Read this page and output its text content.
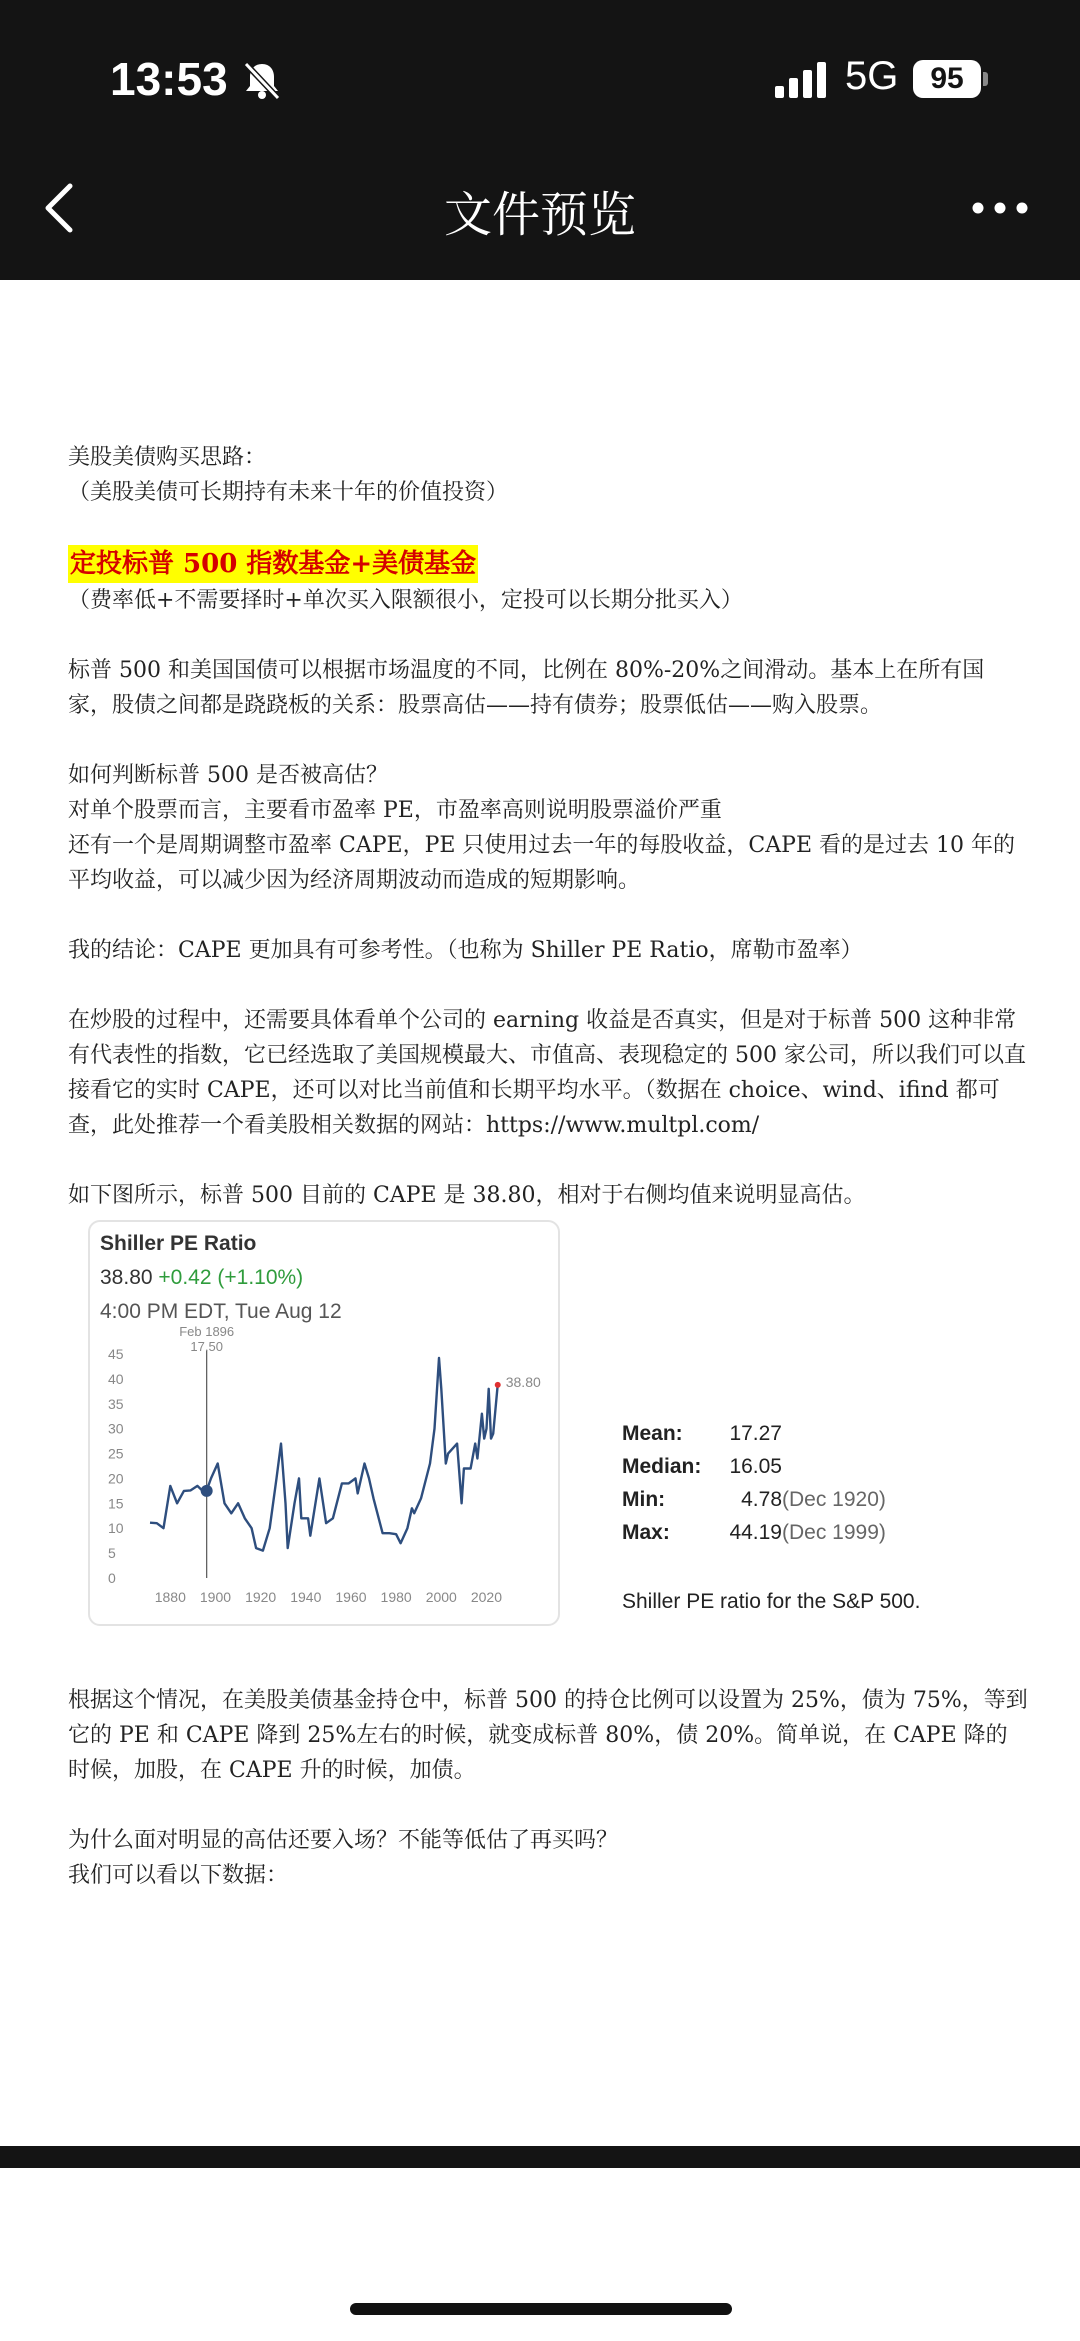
13:53	5G	95
文件预览

美股美债购买思路：

（美股美债可长期持有未来十年的价值投资）

定投标普 500 指数基金+美债基金

（费率低+不需要择时+单次买入限额很小，定投可以长期分批买入）

标普 500 和美国国债可以根据市场温度的不同，比例在 80%-20%之间滑动。基本上在所有国家，股债之间都是跷跷板的关系：股票高估——持有债券；股票低估——购入股票。

如何判断标普 500 是否被高估？

对单个股票而言，主要看市盈率 PE，市盈率高则说明股票溢价严重

还有一个是周期调整市盈率 CAPE，PE 只使用过去一年的每股收益，CAPE 看的是过去 10 年的平均收益，可以减少因为经济周期波动而造成的短期影响。

我的结论：CAPE 更加具有可参考性。（也称为 Shiller PE Ratio，席勒市盈率）

在炒股的过程中，还需要具体看单个公司的 earning 收益是否真实，但是对于标普 500 这种非常有代表性的指数，它已经选取了美国规模最大、市值高、表现稳定的 500 家公司，所以我们可以直接看它的实时 CAPE，还可以对比当前值和长期平均水平。（数据在 choice、wind、ifind 都可查，此处推荐一个看美股相关数据的网站：https://www.multpl.com/

如下图所示，标普 500 目前的 CAPE 是 38.80，相对于右侧均值来说明显高估。

Shiller PE Ratio
38.80 +0.42 (+1.10%)
4:00 PM EDT, Tue Aug 12
0
5
10
15
20
25
30
35
40
45
1880 1900 1920 1940 1960 1980 2000 2020
Feb 1896
17.50
38.80
Mean: 17.27
Median: 16.05
Min:	4.78 (Dec 1920)
Max:	44.19 (Dec 1999)
Shiller PE ratio for the S&P 500.

根据这个情况，在美股美债基金持仓中，标普 500 的持仓比例可以设置为 25%，债为 75%，等到它的 PE 和 CAPE 降到 25%左右的时候，就变成标普 80%，债 20%。简单说，在 CAPE 降的时候，加股，在 CAPE 升的时候，加债。

为什么面对明显的高估还要入场？不能等低估了再买吗？

我们可以看以下数据：
